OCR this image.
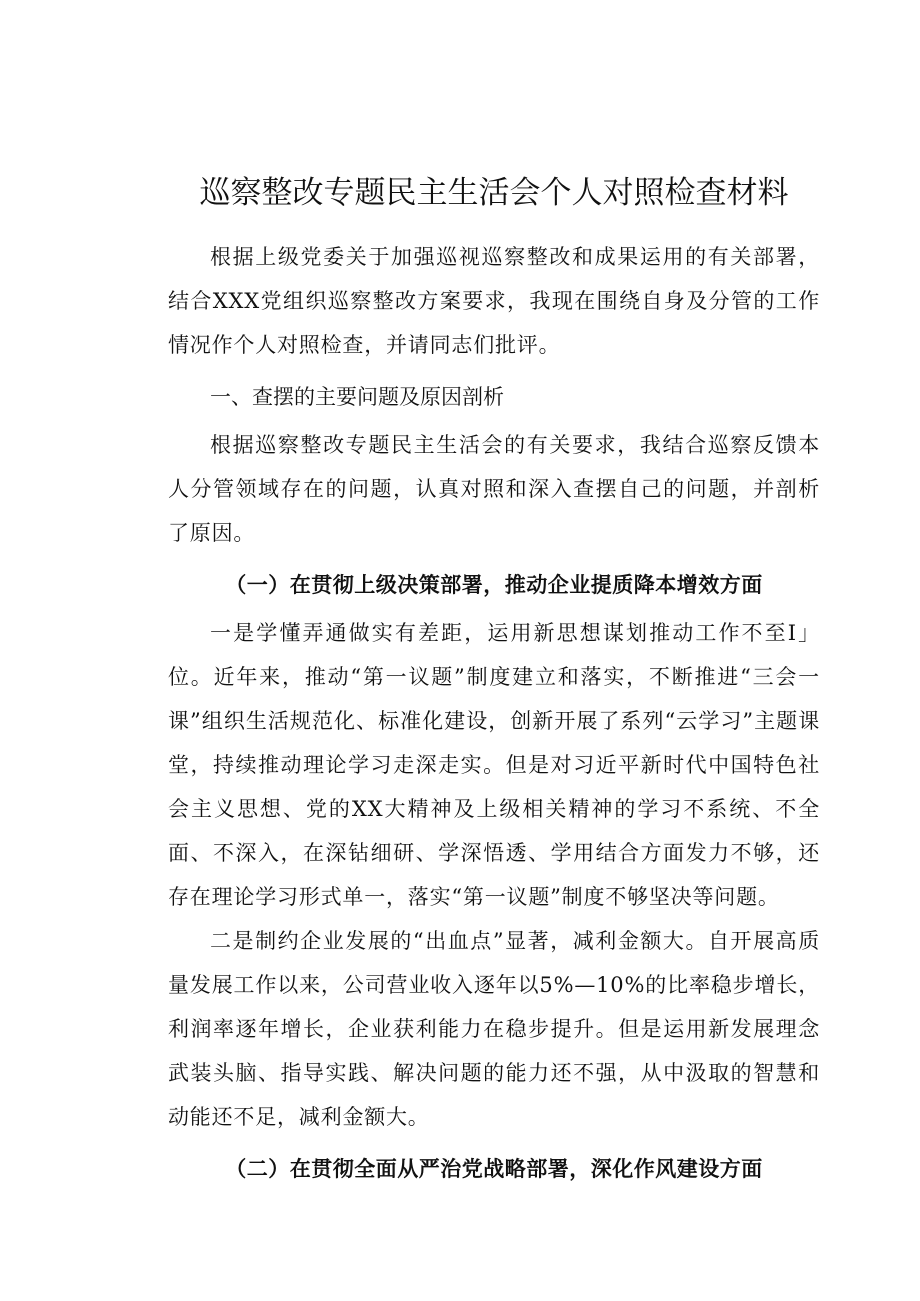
巡察整改专题民主生活会个人对照检查材料

根据上级党委关于加强巡视巡察整改和成果运用的有关部署，结合XXX党组织巡察整改方案要求，我现在围绕自身及分管的工作情况作个人对照检查，并请同志们批评。

一、查摆的主要问题及原因剖析

根据巡察整改专题民主生活会的有关要求，我结合巡察反馈本人分管领域存在的问题，认真对照和深入查摆自己的问题，并剖析了原因。

（一）在贯彻上级决策部署，推动企业提质降本增效方面

一是学懂弄通做实有差距，运用新思想谋划推动工作不至I」位。近年来，推动“第一议题”制度建立和落实，不断推进“三会一课”组织生活规范化、标准化建设，创新开展了系列“云学习”主题课堂，持续推动理论学习走深走实。但是对习近平新时代中国特色社会主义思想、党的XX大精神及上级相关精神的学习不系统、不全面、不深入，在深钻细研、学深悟透、学用结合方面发力不够，还存在理论学习形式单一，落实“第一议题”制度不够坚决等问题。

二是制约企业发展的“出血点”显著，减利金额大。自开展高质量发展工作以来，公司营业收入逐年以5%—10%的比率稳步增长，利润率逐年增长，企业获利能力在稳步提升。但是运用新发展理念武装头脑、指导实践、解决问题的能力还不强，从中汲取的智慧和动能还不足，减利金额大。

（二）在贯彻全面从严治党战略部署，深化作风建设方面
